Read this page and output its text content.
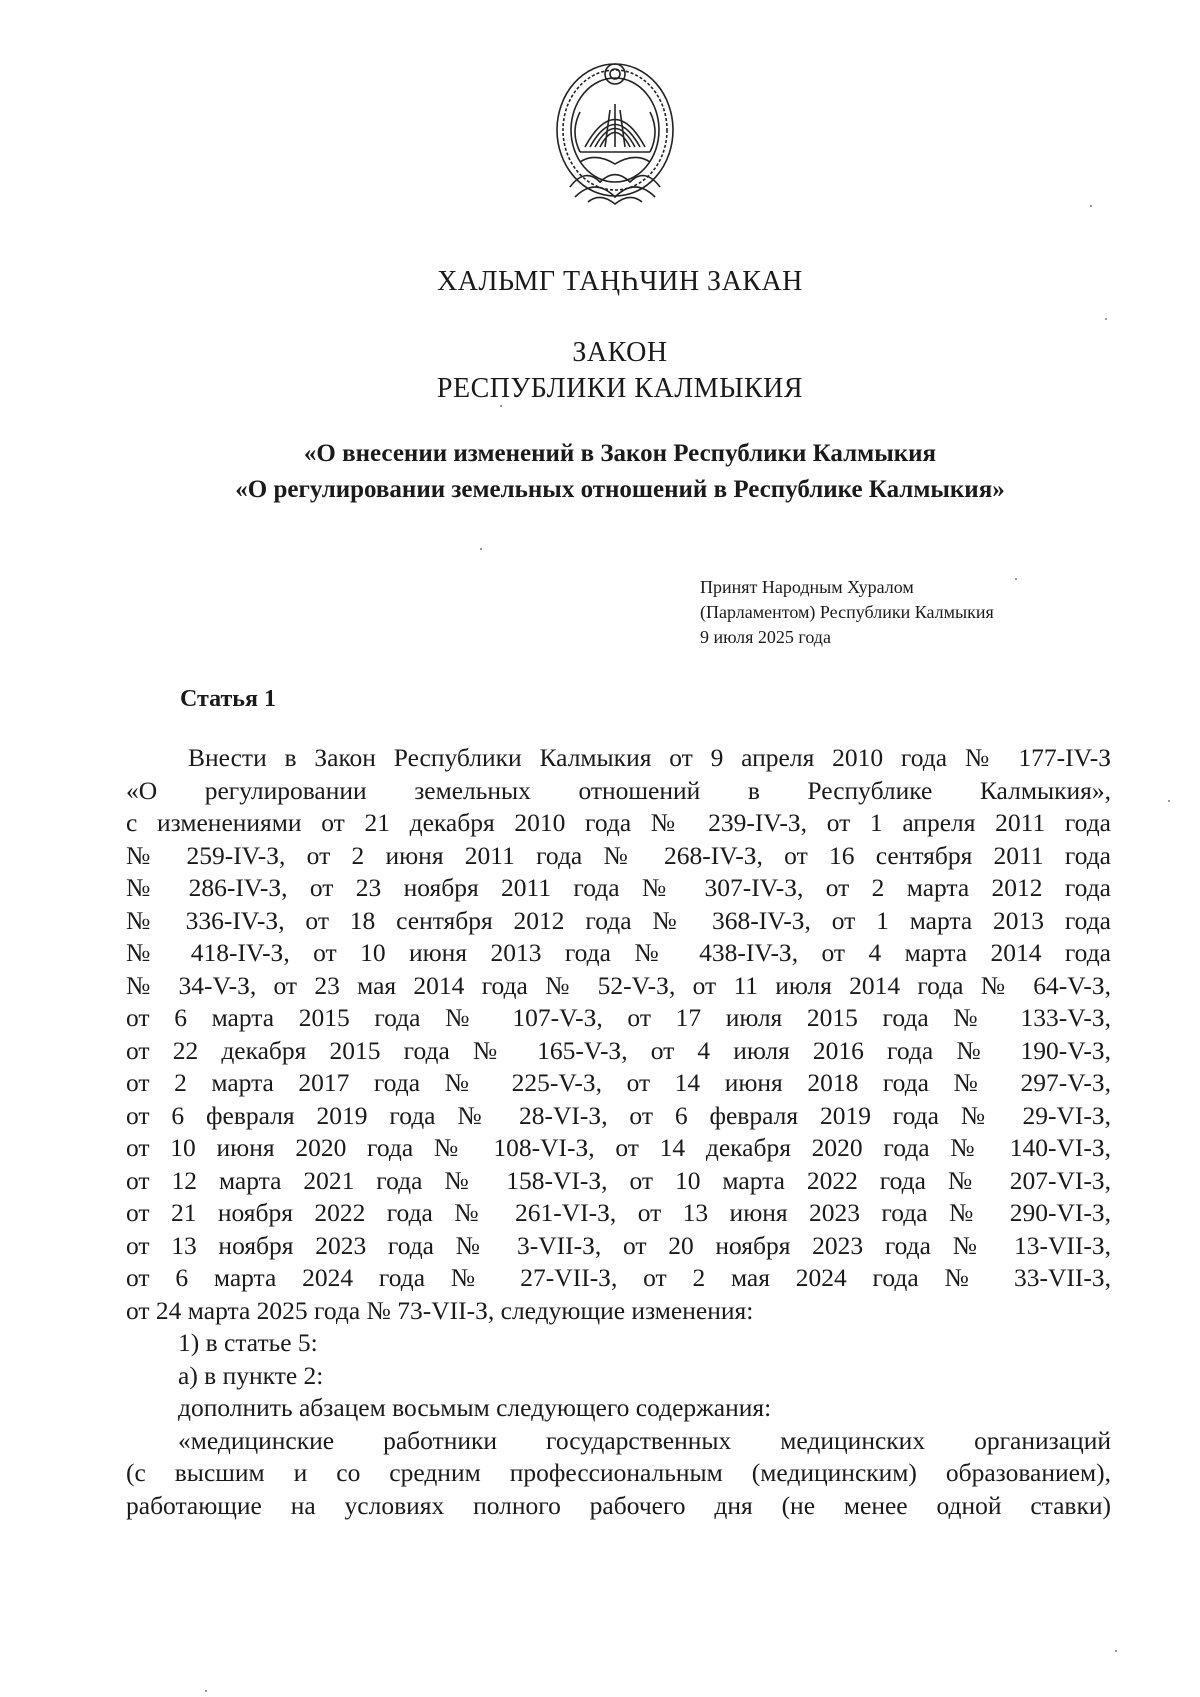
ХАЛЬМГ ТАҢҺЧИН ЗАКАН
ЗАКОН
РЕСПУБЛИКИ КАЛМЫКИЯ
«О внесении изменений в Закон Республики Калмыкия
«О регулировании земельных отношений в Республике Калмыкия»
Принят Народным Хуралом
(Парламентом) Республики Калмыкия
9 июля 2025 года
Статья 1
Внести в Закон Республики Калмыкия от 9 апреля 2010 года № 177-IV-З
«О регулировании земельных отношений в Республике Калмыкия»,
с изменениями от 21 декабря 2010 года № 239-IV-З, от 1 апреля 2011 года
№ 259-IV-З, от 2 июня 2011 года № 268-IV-З, от 16 сентября 2011 года
№ 286-IV-З, от 23 ноября 2011 года № 307-IV-З, от 2 марта 2012 года
№ 336-IV-З, от 18 сентября 2012 года № 368-IV-З, от 1 марта 2013 года
№ 418-IV-З, от 10 июня 2013 года № 438-IV-З, от 4 марта 2014 года
№ 34-V-З, от 23 мая 2014 года № 52-V-З, от 11 июля 2014 года № 64-V-З,
от 6 марта 2015 года № 107-V-З, от 17 июля 2015 года № 133-V-З,
от 22 декабря 2015 года № 165-V-З, от 4 июля 2016 года № 190-V-З,
от 2 марта 2017 года № 225-V-З, от 14 июня 2018 года № 297-V-З,
от 6 февраля 2019 года № 28-VI-З, от 6 февраля 2019 года № 29-VI-З,
от 10 июня 2020 года № 108-VI-З, от 14 декабря 2020 года № 140-VI-З,
от 12 марта 2021 года № 158-VI-З, от 10 марта 2022 года № 207-VI-З,
от 21 ноября 2022 года № 261-VI-З, от 13 июня 2023 года № 290-VI-З,
от 13 ноября 2023 года № 3-VII-З, от 20 ноября 2023 года № 13-VII-З,
от 6 марта 2024 года № 27-VII-З, от 2 мая 2024 года № 33-VII-З,
от 24 марта 2025 года № 73-VII-З, следующие изменения:
1) в статье 5:
а) в пункте 2:
дополнить абзацем восьмым следующего содержания:
«медицинские работники государственных медицинских организаций
(с высшим и со средним профессиональным (медицинским) образованием),
работающие на условиях полного рабочего дня (не менее одной ставки)
